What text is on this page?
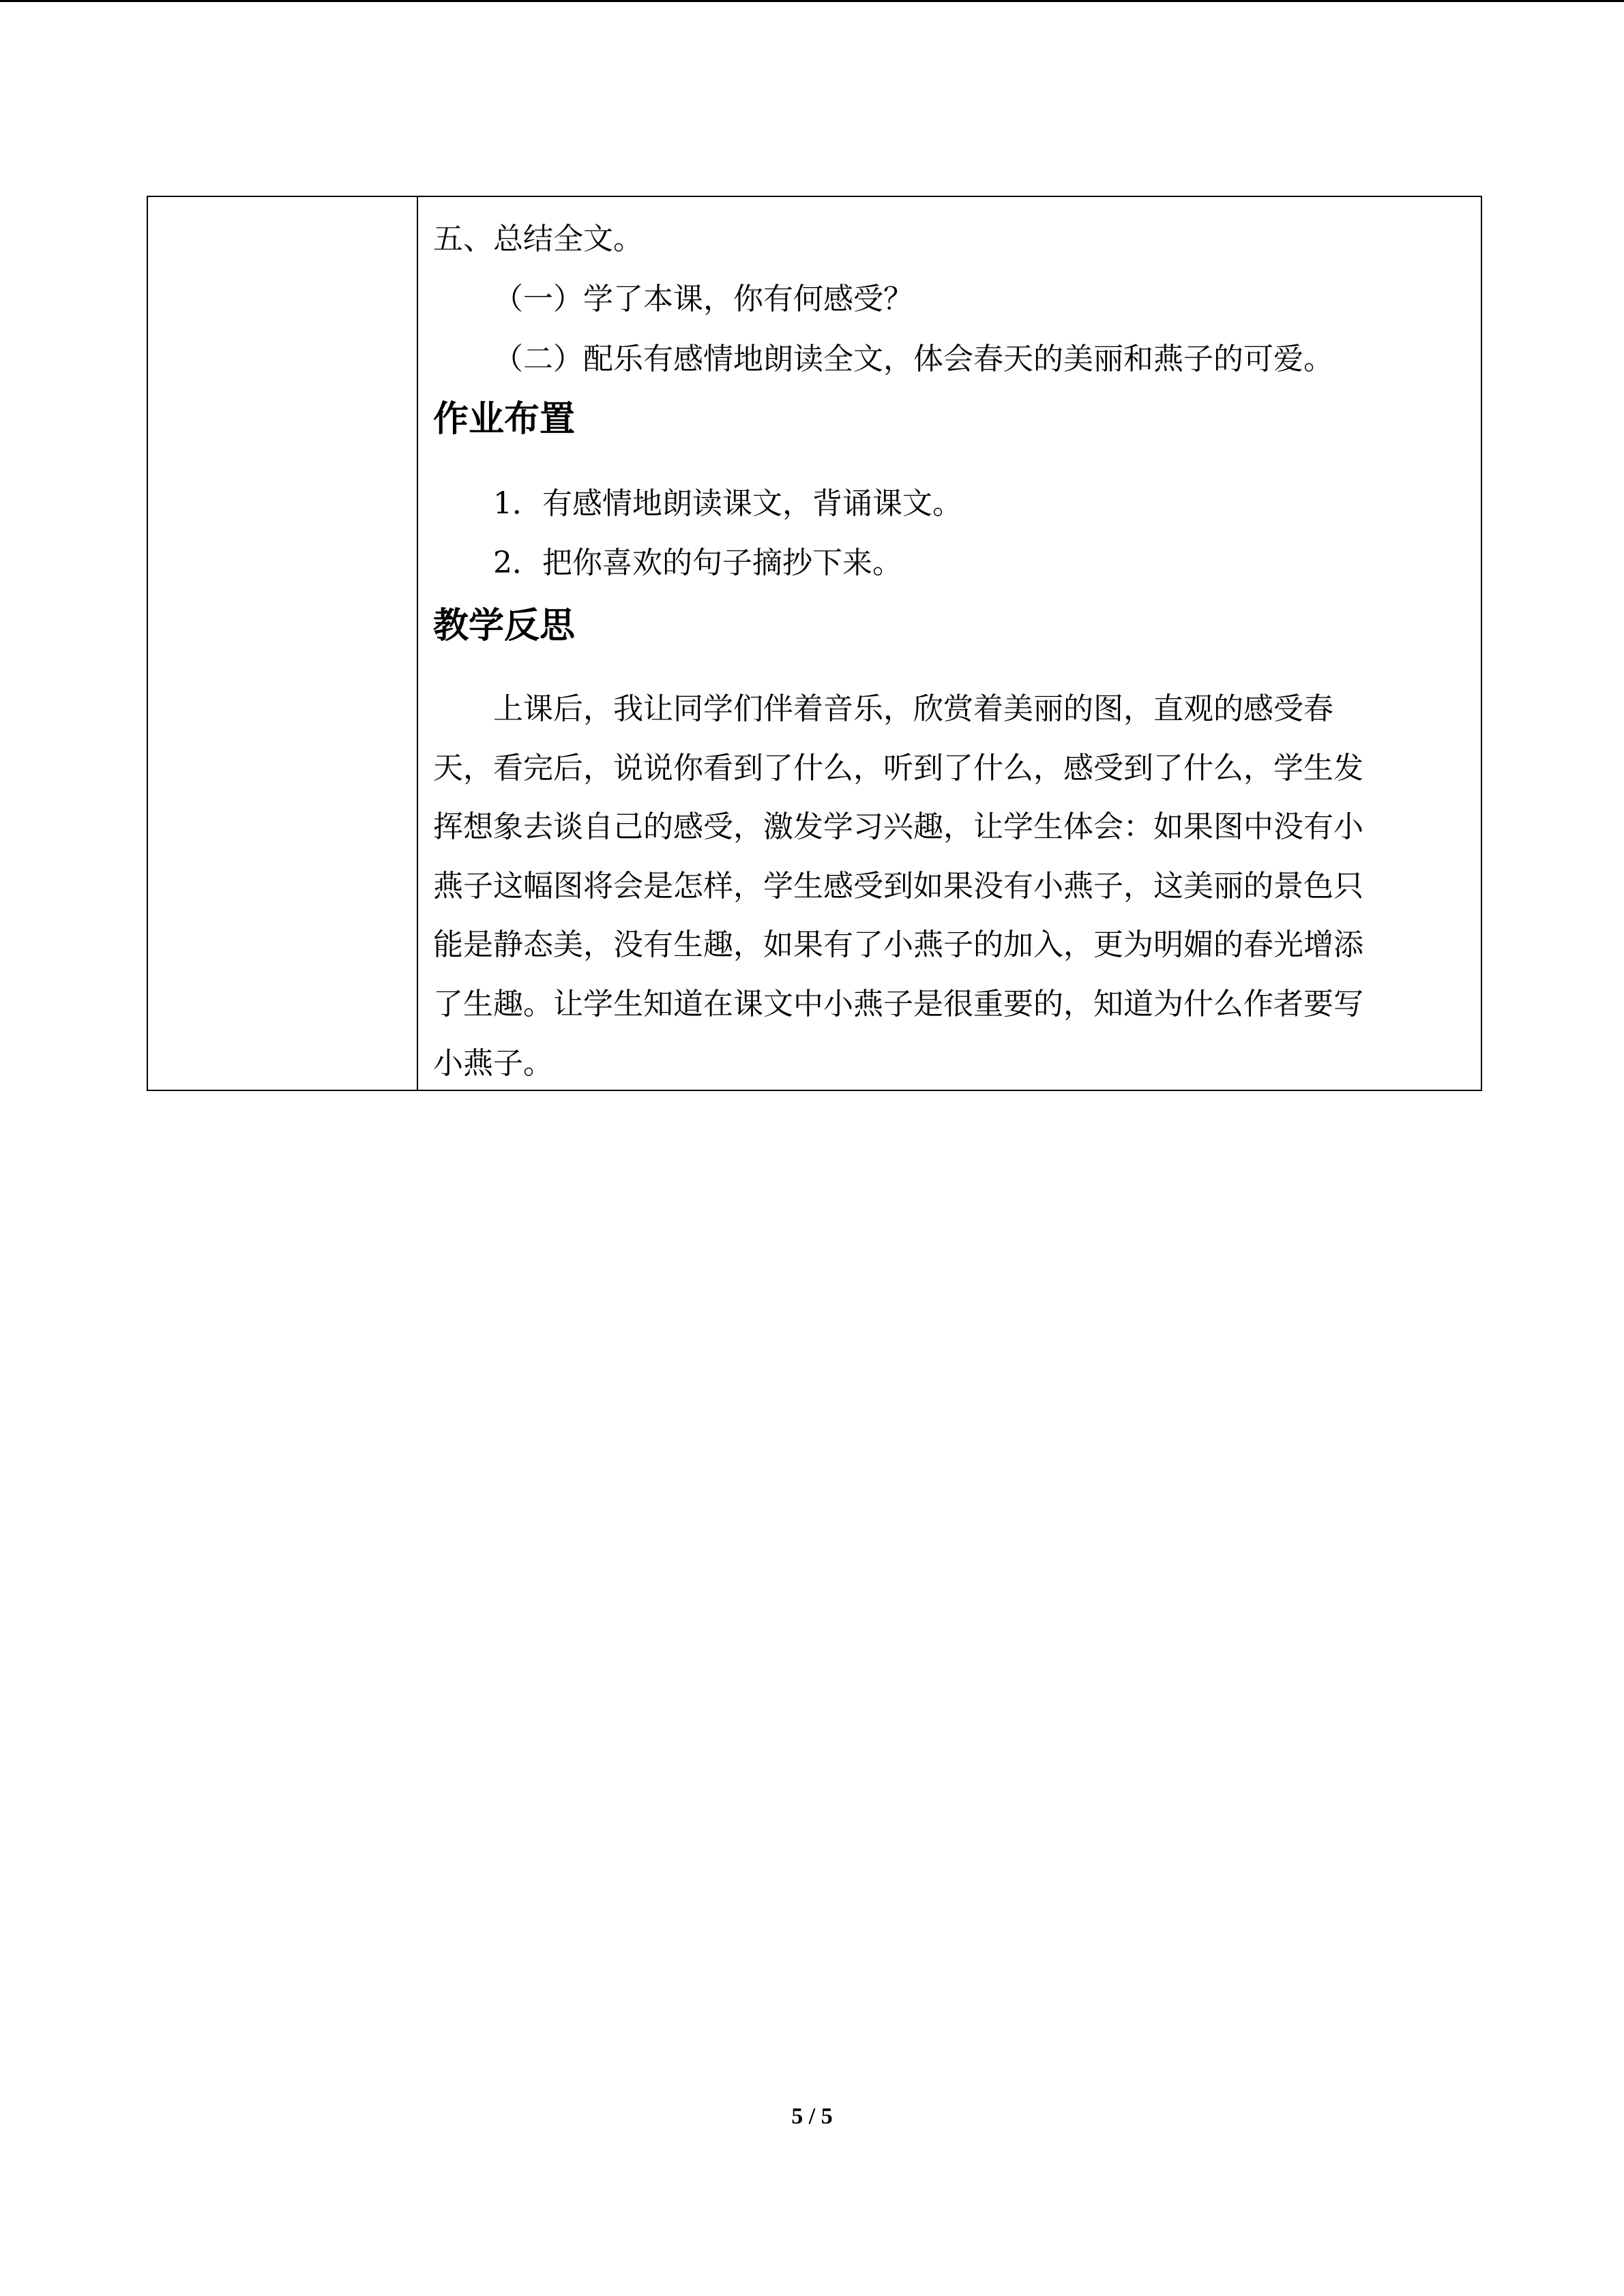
五、总结全文。
（一）学了本课，你有何感受？
（二）配乐有感情地朗读全文，体会春天的美丽和燕子的可爱。
作业布置
1．有感情地朗读课文，背诵课文。
2．把你喜欢的句子摘抄下来。
教学反思
上课后，我让同学们伴着音乐，欣赏着美丽的图，直观的感受春
天，看完后，说说你看到了什么，听到了什么，感受到了什么，学生发
挥想象去谈自己的感受，激发学习兴趣，让学生体会：如果图中没有小
燕子这幅图将会是怎样，学生感受到如果没有小燕子，这美丽的景色只
能是静态美，没有生趣，如果有了小燕子的加入，更为明媚的春光增添
了生趣。让学生知道在课文中小燕子是很重要的，知道为什么作者要写
小燕子。
5 / 5
